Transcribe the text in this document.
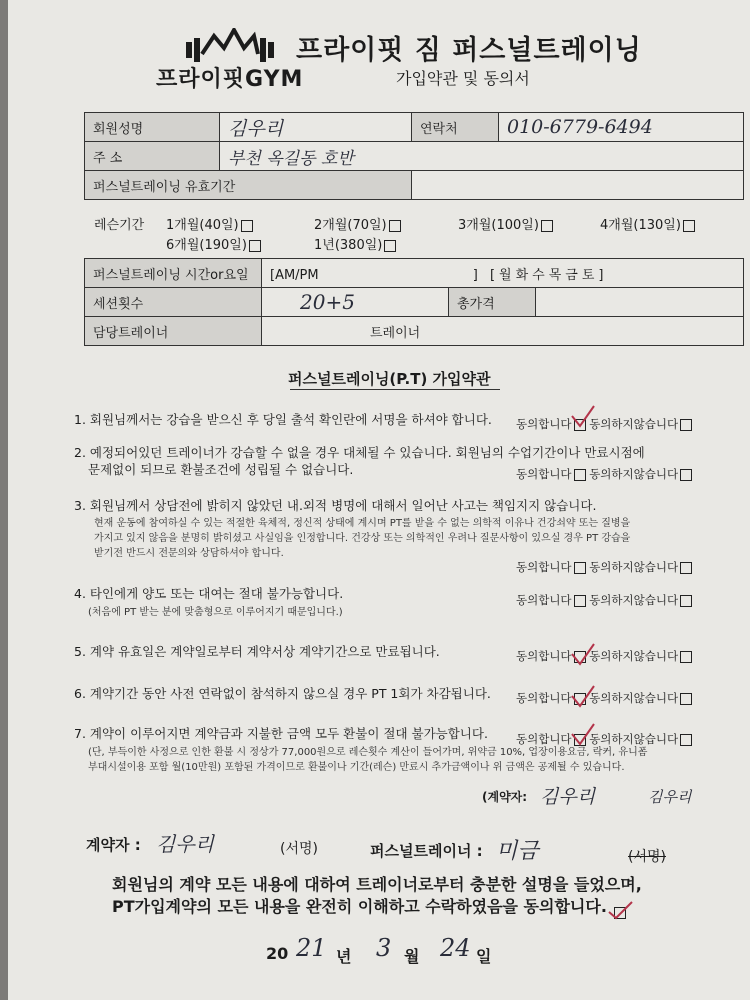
프라이핏GYM
프라이핏 짐 퍼스널트레이닝
가입약관 및 동의서
회원성명	김우리	연락처	010-6779-6494
주 소	부천 옥길동 호반		
퍼스널트레이닝 유효기간			
레슨기간 1개월(40일)	2개월(70일)	3개월(100일)	4개월(130일)
6개월(190일)	1년(380일)
퍼스널트레이닝 시간or요일	[AM/PM ] [월화수목금토]		
세션횟수	20+5	총가격	
담당트레이너	트레이너		
퍼스널트레이닝(P.T) 가입약관
1. 회원님께서는 강습을 받으신 후 당일 출석 확인란에 서명을 하셔야 합니다. 동의합니다 동의하지않습니다
2. 예정되어있던 트레이너가 강습할 수 없을 경우 대체될 수 있습니다. 회원님의 수업기간이나 만료시점에
문제없이 되므로 환불조건에 성립될 수 없습니다.	동의합니다 동의하지않습니다
3. 회원님께서 상담전에 밝히지 않았던 내.외적 병명에 대해서 일어난 사고는 책임지지 않습니다.
현재 운동에 참여하실 수 있는 적절한 육체적, 정신적 상태에 계시며 PT를 받을 수 없는 의학적 이유나 건강쇠약 또는 질병을
가지고 있지 않음을 분명히 밝히셨고 사실임을 인정합니다. 건강상 또는 의학적인 우려나 질문사항이 있으실 경우 PT 강습을
받기전 반드시 전문의와 상담하셔야 합니다.
동의합니다 동의하지않습니다
4. 타인에게 양도 또는 대여는 절대 불가능합니다.	동의합니다 동의하지않습니다
(처음에 PT 받는 분에 맞춤형으로 이루어지기 때문입니다.)
5. 계약 유효일은 계약일로부터 계약서상 계약기간으로 만료됩니다.	동의합니다 동의하지않습니다
6. 계약기간 동안 사전 연락없이 참석하지 않으실 경우 PT 1회가 차감됩니다. 동의합니다 동의하지않습니다
7. 계약이 이루어지면 계약금과 지불한 금액 모두 환불이 절대 불가능합니다. 동의합니다 동의하지않습니다
(단, 부득이한 사정으로 인한 환불 시 정상가 77,000원으로 레슨횟수 계산이 들어가며, 위약금 10%, 업장이용요금, 락커, 유니폼
부대시설이용 포함 월(10만원) 포함된 가격이므로 환불이나 기간(레슨) 만료시 추가금액이나 위 금액은 공제될 수 있습니다.
(계약자: 김우리	김우리
계약자 : 김우리	(서명)	퍼스널트레이너 : 미금	(서명)
회원님의 계약 모든 내용에 대하여 트레이너로부터 충분한 설명을 들었으며,
PT가입계약의 모든 내용을 완전히 이해하고 수락하였음을 동의합니다.
20 21 년 3 월 24 일
